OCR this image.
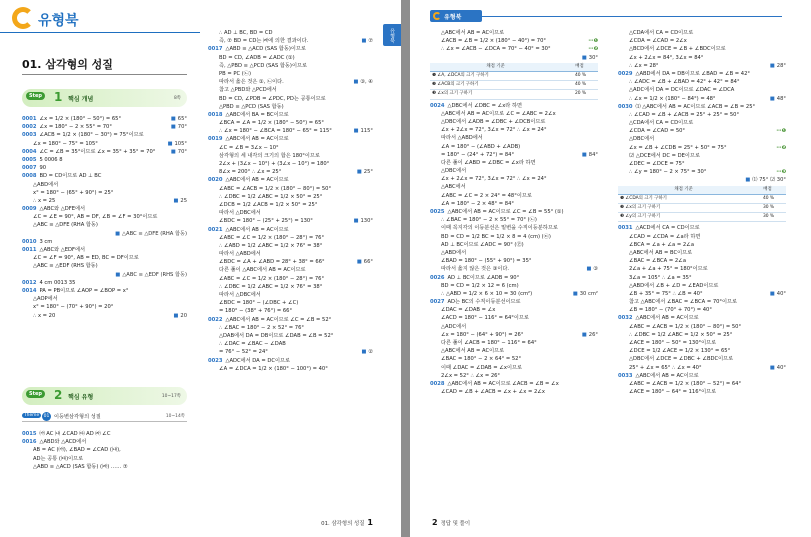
유형북
01. 삼각형의 성질
Step 1 핵심 개념	8쪽
0001 ∠x = 1/2 × (180° − 50°) = 65°	■ 65°
0002 ∠x = 180° − 2 × 55° = 70°	■ 70°
0003 ∠ACB = 1/2 × (180° − 30°) = 75°이므로
∠x = 180° − 75° = 105°	■ 105°
0004 ∠C = ∠B = 35°이므로 ∠x = 35° + 35° = 70°	■ 70°
0005 5 0006 8
0007 90
0008 BD = CD이므로 AD ⊥ BC
△ABD에서
x° = 180° − (65° + 90°) = 25°
∴ x = 25	■ 25
0009 △ABC와 △DFE에서
∠C = ∠E = 90°, AB = DF, ∠B = ∠F = 30°이므로
△ABC ≡ △DFE (RHA 합동)
■ △ABC ≡ △DFE (RHA 합동)
0010 3 cm
0011 △ABC와 △EDF에서
∠C = ∠F = 90°, AB = ED, BC = DF이므로
△ABC ≡ △EDF (RHS 합동)
■ △ABC ≡ △EDF (RHS 합동)
0012 4 cm 0013 35
0014 PA = PB이므로 ∠AOP = ∠BOP = x°
△AOP에서
x° = 180° − (70° + 90°) = 20°
∴ x = 20	■ 20
Step 2 핵심 유형	10~17쪽
Theme 01 이등변삼각형의 성질	10~14쪽
0015 ㈎ AC ㈏ ∠CAD ㈐ AD ㈑ ∠C
0016 △ABD와 △ACD에서
AB = AC (㈎), ∠BAD = ∠CAD (㈏),
AD는 공통 (㈐)이므로
△ABD ≡ △ACD (SAS 합동) (㈑) …… ⑦
∴ AD ⊥ BC, BD = CD
즉, ⑦ BD = CD는 ㈑에 의한 결과이다.	■ ⑦
0017 △ABD ≡ △ACD (SAS 합동)이므로
BD = CD, ∠ADB = ∠ADC (①)
즉, △PBD ≡ △PCD (SAS 합동)이므로
PB = PC (㉡)
따라서 옳은 것은 ①, ㉡이다.	■ ③, ④
참고 △PBD와 △PCD에서
BD = CD, ∠PDB = ∠PDC, PD는 공통이므로
△PBD ≡ △PCD (SAS 합동)
0018 △ABC에서 BA = BC이므로
∠BCA = ∠A = 1/2 × (180° − 50°) = 65°
∴ ∠x = 180° − ∠BCA = 180° − 65° = 115°	■ 115°
0019 △ABC에서 AB = AC이므로
∠C = ∠B = 3∠x − 10°
삼각형의 세 내각의 크기의 합은 180°이므로
2∠x + (3∠x − 10°) + (3∠x − 10°) = 180°
8∠x = 200° ∴ ∠x = 25°	■ 25°
0020 △ABC에서 AB = AC이므로
∠ABC = ∠ACB = 1/2 × (180° − 80°) = 50°
∴ ∠DBC = 1/2 ∠ABC = 1/2 × 50° = 25°
∠DCB = 1/2 ∠ACB = 1/2 × 50° = 25°
따라서 △DBC에서
∠BDC = 180° − (25° + 25°) = 130°	■ 130°
0021 △ABC에서 AB = AC이므로
∠ABC = ∠C = 1/2 × (180° − 28°) = 76°
∴ ∠ABD = 1/2 ∠ABC = 1/2 × 76° = 38°
따라서 △ABD에서
∠BDC = ∠A + ∠ABD = 28° + 38° = 66°	■ 66°
다른 풀이 △ABC에서 AB = AC이므로
∠ABC = ∠C = 1/2 × (180° − 28°) = 76°
∴ ∠DBC = 1/2 ∠ABC = 1/2 × 76° = 38°
따라서 △DBC에서
∠BDC = 180° − (∠DBC + ∠C)
= 180° − (38° + 76°) = 66°
0022 △ABC에서 AB = AC이므로 ∠C = ∠B = 52°
∴ ∠BAC = 180° − 2 × 52° = 76°
△DAB에서 DA = DB이므로 ∠DAB = ∠B = 52°
∴ ∠DAC = ∠BAC − ∠DAB
= 76° − 52° = 24°	■ ②
0023 △ADC에서 DA = DC이므로
∠A = ∠DCA = 1/2 × (180° − 100°) = 40°
유형북
01. 삼각형의 성질 1
유형북
△ABC에서 AB = AC이므로
∠ACB = ∠B = 1/2 × (180° − 40°) = 70°	⋯❶
∴ ∠x = ∠ACB − ∠DCA = 70° − 40° = 30°	⋯❷
■ 30°
채점 기준	배점
❶ ∠A, ∠DCA의 크기 구하기	40 %
❷ ∠ACB의 크기 구하기	40 %
❸ ∠x의 크기 구하기	20 %
0024 △DBC에서 ∠DBC = ∠x라 하면
△ABC에서 AB = AC이므로 ∠C = ∠ABC = 2∠x
△DBC에서 ∠ADB = ∠DBC + ∠DCB이므로
∠x + 2∠x = 72°, 3∠x = 72° ∴ ∠x = 24°
따라서 △ABD에서
∠A = 180° − (∠ABD + ∠ADB)
= 180° − (24° + 72°) = 84°	■ 84°
다른 풀이 ∠ABD = ∠DBC = ∠x라 하면
△DBC에서
∠x + 2∠x = 72°, 3∠x = 72° ∴ ∠x = 24°
△ABC에서
∠ABC = ∠C = 2 × 24° = 48°이므로
∠A = 180° − 2 × 48° = 84°
0025 △ABC에서 AB = AC이므로 ∠C = ∠B = 55° (①)
∴ ∠BAC = 180° − 2 × 55° = 70° (㉡)
이때 꼭지각의 이등분선은 밑변을 수직이등분하므로
BD = CD = 1/2 BC = 1/2 × 8 = 4 (cm) (㉢)
AD ⊥ BC이므로 ∠ADC = 90° (㉣)
△ABD에서
∠BAD = 180° − (55° + 90°) = 35°
따라서 옳지 않은 것은 ③이다.	■ ③
0026 AD ⊥ BC이므로 ∠ADB = 90°
BD = CD = 1/2 × 12 = 6 (cm)
∴ △ABD = 1/2 × 6 × 10 = 30 (cm²)	■ 30 cm²
0027 AD는 BC의 수직이등분선이므로
∠DAC = ∠DAB = ∠x
∠ACD = 180° − 116° = 64°이므로
△ADC에서
∠x = 180° − (64° + 90°) = 26°	■ 26°
다른 풀이 ∠ACB = 180° − 116° = 64°
△ABC에서 AB = AC이므로
∠BAC = 180° − 2 × 64° = 52°
이때 ∠DAC = ∠DAB = ∠x이므로
2∠x = 52° ∴ ∠x = 26°
0028 △ABC에서 AB = AC이므로 ∠ACB = ∠B = ∠x
∠CAD = ∠B + ∠ACB = ∠x + ∠x = 2∠x
△CDA에서 CA = CD이므로
∠CDA = ∠CAD = 2∠x
△BCD에서 ∠DCE = ∠B + ∠BDC이므로
∠x + 2∠x = 84°, 3∠x = 84°
∴ ∠x = 28°	■ 28°
0029 △ABD에서 DA = DB이므로 ∠BAD = ∠B = 42°
∴ ∠ADC = ∠B + ∠BAD = 42° + 42° = 84°
△ADC에서 DA = DC이므로 ∠DAC = ∠DCA
∴ ∠x = 1/2 × (180° − 84°) = 48°	■ 48°
0030 ⑴ △ABC에서 AB = AC이므로 ∠ACB = ∠B = 25°
∴ ∠CAD = ∠B + ∠ACB = 25° + 25° = 50°
△CDA에서 CA = CD이므로
∠CDA = ∠CAD = 50°	⋯❶
△DBC에서
∠x = ∠B + ∠CDB = 25° + 50° = 75°	⋯❷
⑵ △DCE에서 DC = DE이므로
∠DEC = ∠DCE = 75°
∴ ∠y = 180° − 2 × 75° = 30°	⋯❸
■ ⑴ 75° ⑵ 30°
채점 기준	배점
❶ ∠CDA의 크기 구하기	40 %
❷ ∠x의 크기 구하기	30 %
❸ ∠y의 크기 구하기	30 %
0031 △ACD에서 CA = CD이므로
∠CAD = ∠CDA = ∠a라 하면
∠BCA = ∠a + ∠a = 2∠a
△ABC에서 AB = BC이므로
∠BAC = ∠BCA = 2∠a
2∠a + ∠a + 75° = 180°이므로
3∠a = 105° ∴ ∠a = 35°
△ABD에서 ∠B + ∠D = ∠EAD이므로
∠B + 35° = 75° ∴ ∠B = 40°	■ 40°
참고 △ABC에서 ∠BAC = ∠BCA = 70°이므로
∠B = 180° − (70° + 70°) = 40°
0032 △ABC에서 AB = AC이므로
∠ABC = ∠ACB = 1/2 × (180° − 80°) = 50°
∴ ∠DBC = 1/2 ∠ABC = 1/2 × 50° = 25°
∠ACE = 180° − 50° = 130°이므로
∠DCE = 1/2 ∠ACE = 1/2 × 130° = 65°
△DBC에서 ∠DCE = ∠DBC + ∠BDC이므로
25° + ∠x = 65° ∴ ∠x = 40°	■ 40°
0033 △ABC에서 AB = AC이므로
∠ABC = ∠ACB = 1/2 × (180° − 52°) = 64°
∠ACE = 180° − 64° = 116°이므로
2 정답 및 풀이
